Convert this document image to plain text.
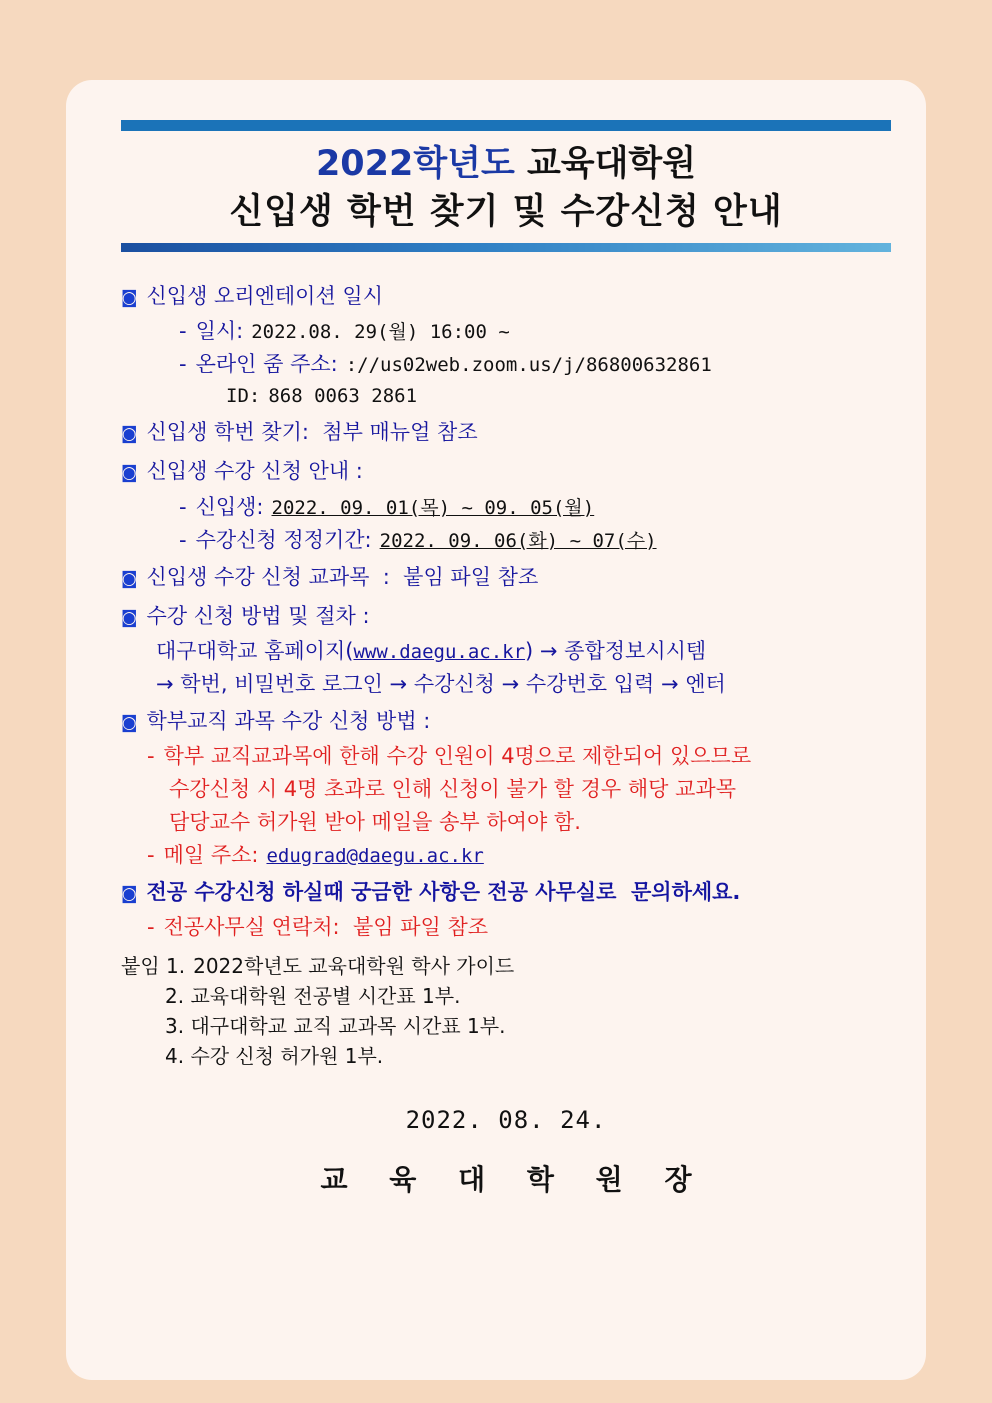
2022학년도 교육대학원
신입생 학번 찾기 및 수강신청 안내
◙ 신입생 오리엔테이션 일시
- 일시: 2022.08. 29(월) 16:00 ~
- 온라인 줌 주소: ://us02web.zoom.us/j/86800632861
ID: 868 0063 2861
◙ 신입생 학번 찾기:  첨부 매뉴얼 참조
◙ 신입생 수강 신청 안내 :
- 신입생: 2022. 09. 01(목) ~ 09. 05(월)
- 수강신청 정정기간: 2022. 09. 06(화) ~ 07(수)
◙ 신입생 수강 신청 교과목  :  붙임 파일 참조
◙ 수강 신청 방법 및 절차 :
대구대학교 홈페이지( www.daegu.ac.kr ) → 종합정보시시템
→ 학번, 비밀번호 로그인 → 수강신청 → 수강번호 입력 → 엔터
◙ 학부교직 과목 수강 신청 방법 :
- 학부 교직교과목에 한해 수강 인원이 4명으로 제한되어 있으므로
수강신청 시 4명 초과로 인해 신청이 불가 할 경우 해당 교과목
담당교수 허가원 받아 메일을 송부 하여야 함.
- 메일 주소: edugrad@daegu.ac.kr
◙ 전공 수강신청 하실때 궁금한 사항은 전공 사무실로  문의하세요.
- 전공사무실 연락처:  붙임 파일 참조
붙임 1. 2022학년도 교육대학원 학사 가이드
2. 교육대학원 전공별 시간표 1부.
3. 대구대학교 교직 교과목 시간표 1부.
4. 수강 신청 허가원 1부.
2022. 08. 24.
교 육 대 학 원 장
